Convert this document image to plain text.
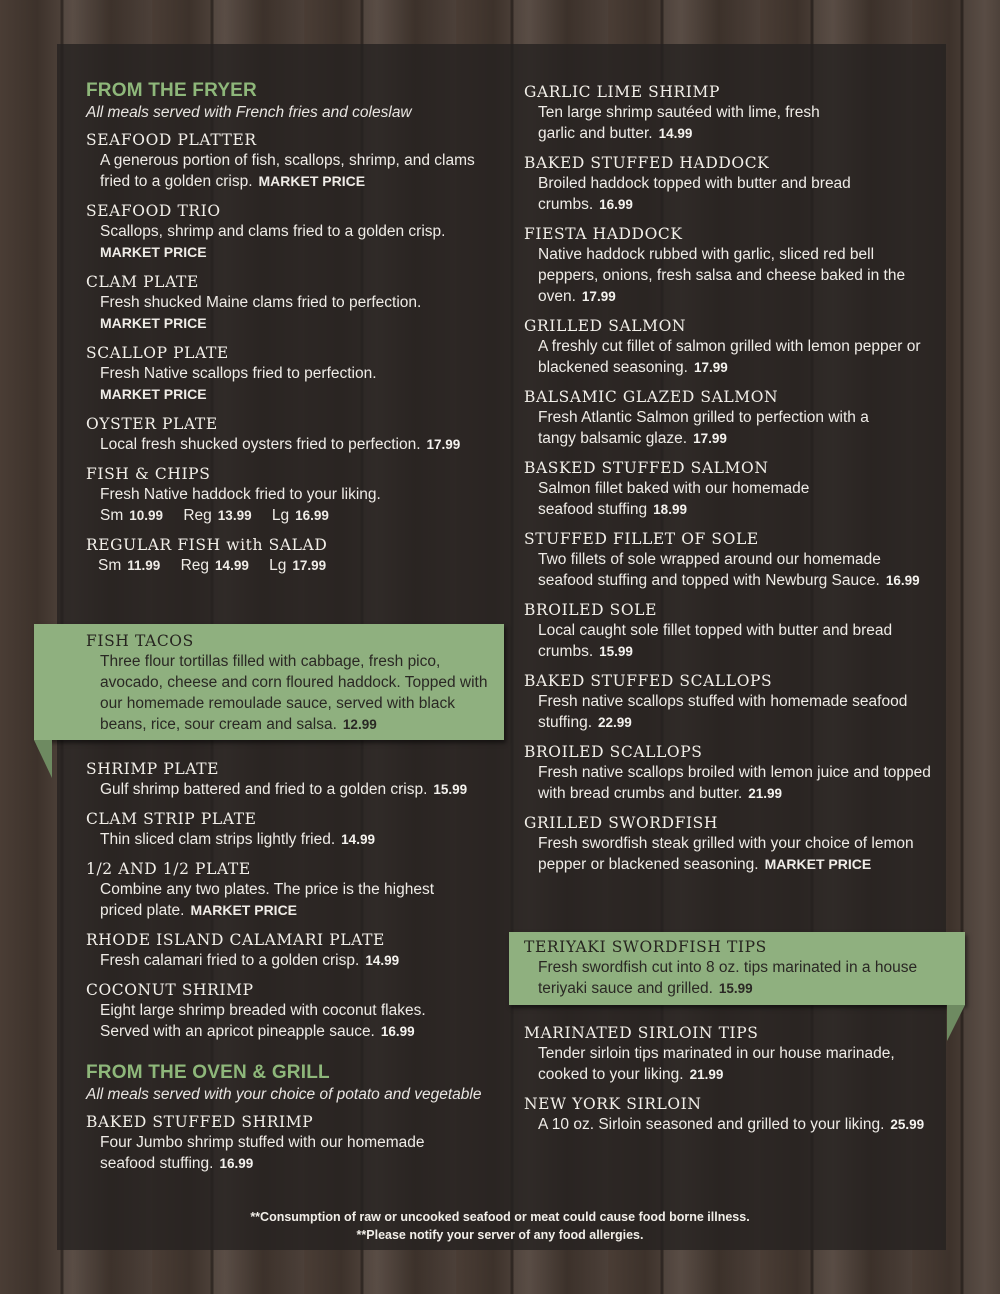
FROM THE FRYER
All meals served with French fries and coleslaw
SEAFOOD PLATTER
A generous portion of fish, scallops, shrimp, and clams fried to a golden crisp. MARKET PRICE
SEAFOOD TRIO
Scallops, shrimp and clams fried to a golden crisp.
MARKET PRICE
CLAM PLATE
Fresh shucked Maine clams fried to perfection.
MARKET PRICE
SCALLOP PLATE
Fresh Native scallops fried to perfection.
MARKET PRICE
OYSTER PLATE
Local fresh shucked oysters fried to perfection. 17.99
FISH & CHIPS
Fresh Native haddock fried to your liking.
Sm 10.99 Reg 13.99 Lg 16.99
REGULAR FISH with SALAD
Sm 11.99 Reg 14.99 Lg 17.99
FISH TACOS
Three flour tortillas filled with cabbage, fresh pico, avocado, cheese and corn floured haddock. Topped with our homemade remoulade sauce, served with black beans, rice, sour cream and salsa. 12.99
SHRIMP PLATE
Gulf shrimp battered and fried to a golden crisp. 15.99
CLAM STRIP PLATE
Thin sliced clam strips lightly fried. 14.99
1/2 AND 1/2 PLATE
Combine any two plates. The price is the highest priced plate. MARKET PRICE
RHODE ISLAND CALAMARI PLATE
Fresh calamari fried to a golden crisp. 14.99
COCONUT SHRIMP
Eight large shrimp breaded with coconut flakes. Served with an apricot pineapple sauce. 16.99
FROM THE OVEN & GRILL
All meals served with your choice of potato and vegetable
BAKED STUFFED SHRIMP
Four Jumbo shrimp stuffed with our homemade seafood stuffing. 16.99
GARLIC LIME SHRIMP
Ten large shrimp sautéed with lime, fresh garlic and butter. 14.99
BAKED STUFFED HADDOCK
Broiled haddock topped with butter and bread crumbs. 16.99
FIESTA HADDOCK
Native haddock rubbed with garlic, sliced red bell peppers, onions, fresh salsa and cheese baked in the oven. 17.99
GRILLED SALMON
A freshly cut fillet of salmon grilled with lemon pepper or blackened seasoning. 17.99
BALSAMIC GLAZED SALMON
Fresh Atlantic Salmon grilled to perfection with a tangy balsamic glaze. 17.99
BASKED STUFFED SALMON
Salmon fillet baked with our homemade seafood stuffing 18.99
STUFFED FILLET OF SOLE
Two fillets of sole wrapped around our homemade seafood stuffing and topped with Newburg Sauce. 16.99
BROILED SOLE
Local caught sole fillet topped with butter and bread crumbs. 15.99
BAKED STUFFED SCALLOPS
Fresh native scallops stuffed with homemade seafood stuffing. 22.99
BROILED SCALLOPS
Fresh native scallops broiled with lemon juice and topped with bread crumbs and butter. 21.99
GRILLED SWORDFISH
Fresh swordfish steak grilled with your choice of lemon pepper or blackened seasoning. MARKET PRICE
TERIYAKI SWORDFISH TIPS
Fresh swordfish cut into 8 oz. tips marinated in a house teriyaki sauce and grilled. 15.99
MARINATED SIRLOIN TIPS
Tender sirloin tips marinated in our house marinade, cooked to your liking. 21.99
NEW YORK SIRLOIN
A 10 oz. Sirloin seasoned and grilled to your liking. 25.99
**Consumption of raw or uncooked seafood or meat could cause food borne illness.
**Please notify your server of any food allergies.
